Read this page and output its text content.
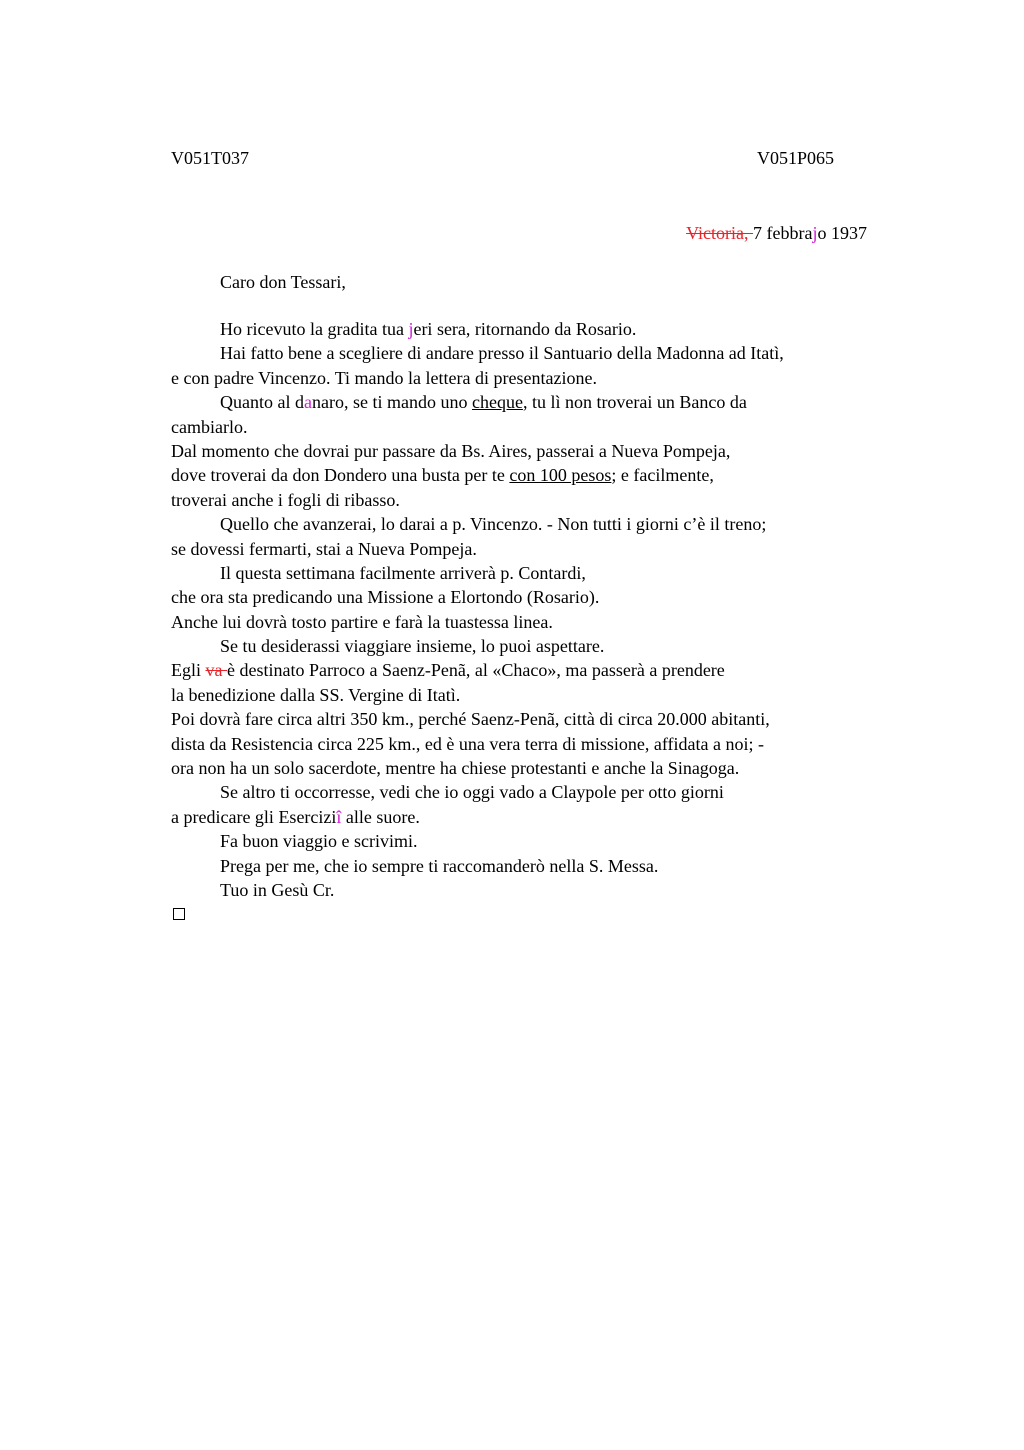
V051T037	V051P065
Victoria, 7 febbrajo 1937
Caro don Tessari,
Ho ricevuto la gradita tua jeri sera, ritornando da Rosario.
Hai fatto bene a scegliere di andare presso il Santuario della Madonna ad Itatì,
e con padre Vincenzo. Ti mando la lettera di presentazione.
Quanto al danaro, se ti mando uno cheque, tu lì non troverai un Banco da
cambiarlo.
Dal momento che dovrai pur passare da Bs. Aires, passerai a Nueva Pompeja,
dove troverai da don Dondero una busta per te con 100 pesos; e facilmente,
troverai anche i fogli di ribasso.
Quello che avanzerai, lo darai a p. Vincenzo. - Non tutti i giorni c’è il treno;
se dovessi fermarti, stai a Nueva Pompeja.
Il questa settimana facilmente arriverà p. Contardi,
che ora sta predicando una Missione a Elortondo (Rosario).
Anche lui dovrà tosto partire e farà la tuastessa linea.
Se tu desiderassi viaggiare insieme, lo puoi aspettare.
Egli va è destinato Parroco a Saenz-Penã, al «Chaco», ma passerà a prendere
la benedizione dalla SS. Vergine di Itatì.
Poi dovrà fare circa altri 350 km., perché Saenz-Penã, città di circa 20.000 abitanti,
dista da Resistencia circa 225 km., ed è una vera terra di missione, affidata a noi; -
ora non ha un solo sacerdote, mentre ha chiese protestanti e anche la Sinagoga.
Se altro ti occorresse, vedi che io oggi vado a Claypole per otto giorni
a predicare gli Eserciziî alle suore.
Fa buon viaggio e scrivimi.
Prega per me, che io sempre ti raccomanderò nella S. Messa.
Tuo in Gesù Cr.
